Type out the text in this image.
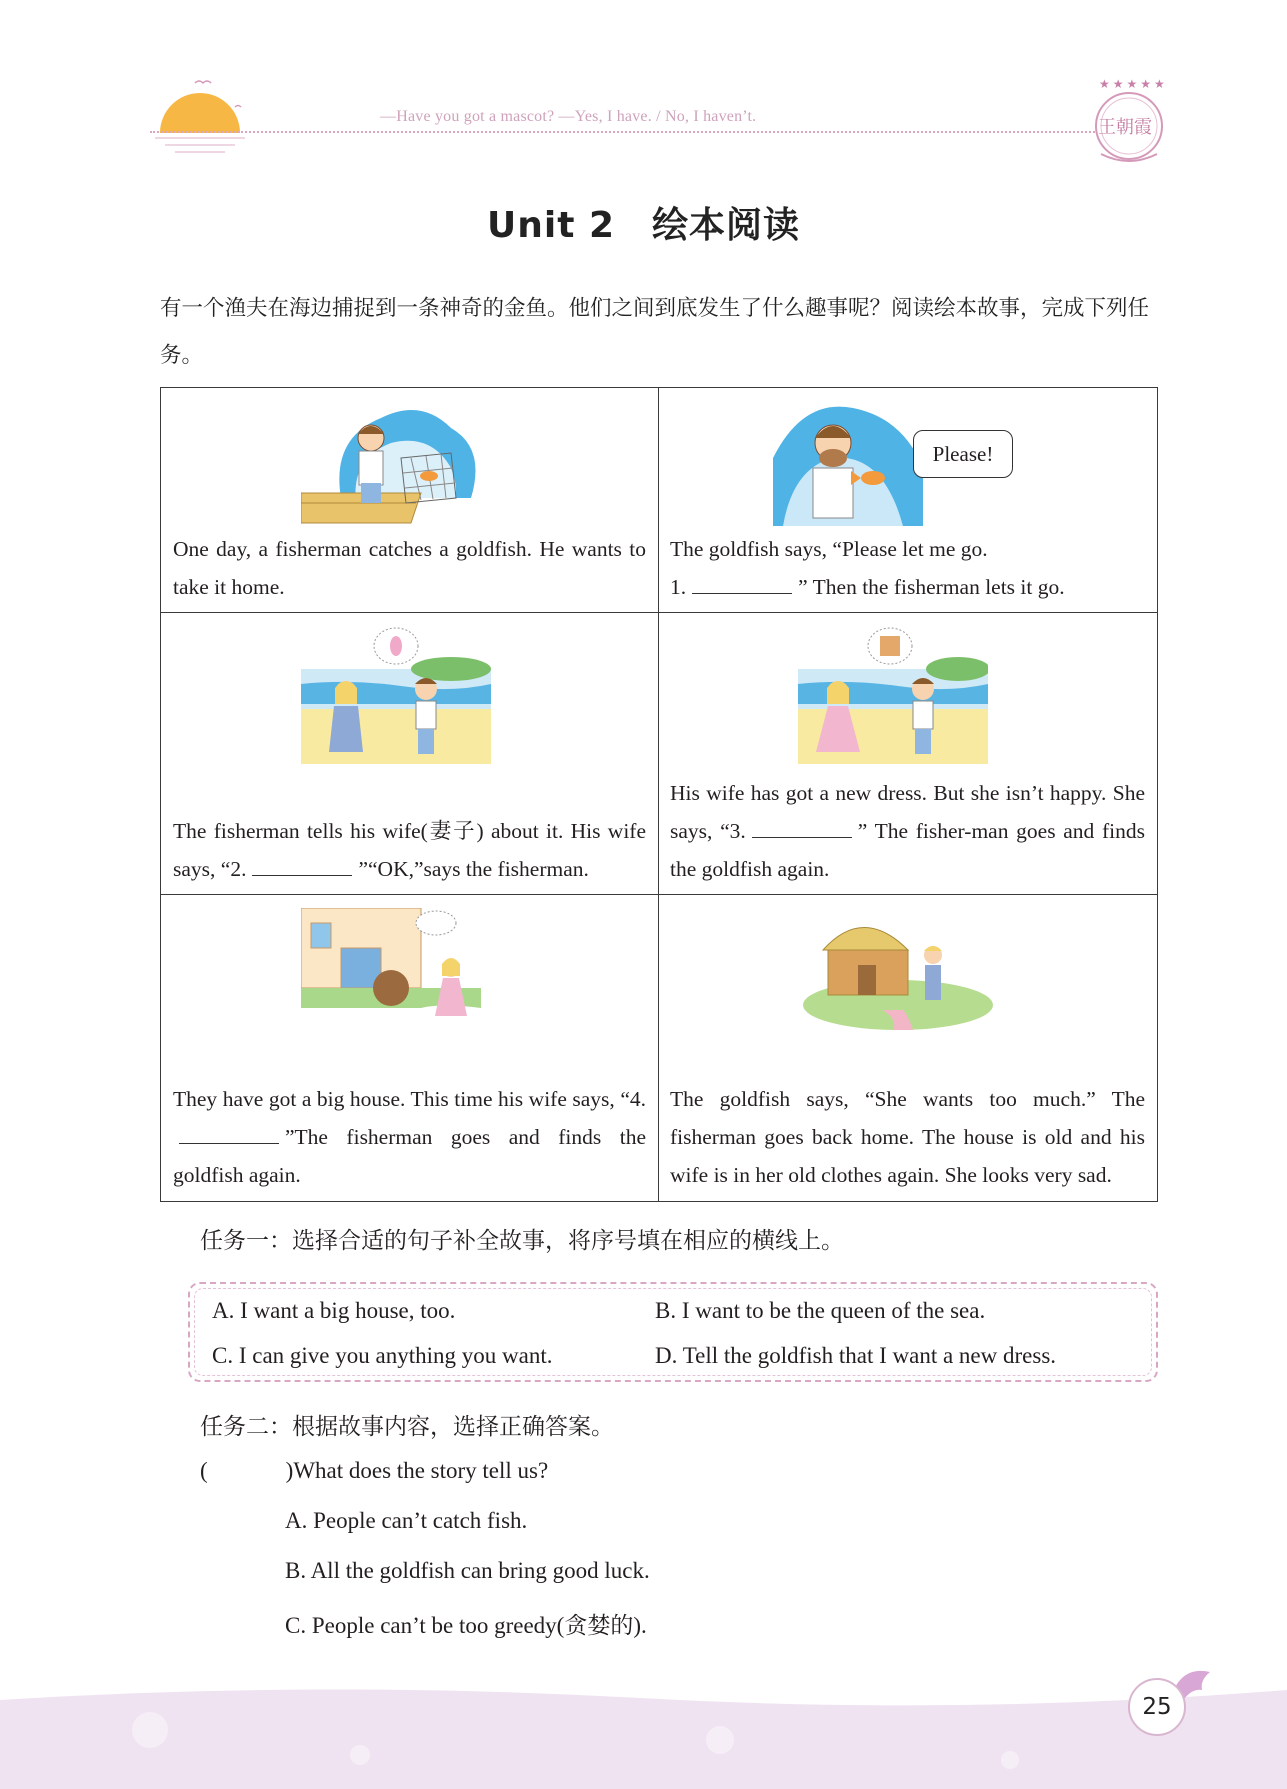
—Have you got a mascot? —Yes, I have. / No, I haven’t.
★ ★ ★ ★ ★
王朝霞
Unit 2　绘本阅读
有一个渔夫在海边捕捉到一条神奇的金鱼。他们之间到底发生了什么趣事呢？阅读绘本故事，完成下列任务。
One day, a fisherman catches a goldfish. He wants to take it home.
Please!
The goldfish says, “Please let me go.
1.	” Then the fisherman lets it go.
The fisherman tells his wife(妻子) about it. His wife says, “2.	”“OK,”says the fisherman.
His wife has got a new dress. But she isn’t happy. She says, “3.	” The fisher-man goes and finds the goldfish again.
They have got a big house. This time his wife says, “4.”The fisherman goes and finds the goldfish again.
The goldfish says, “She wants too much.” The fisherman goes back home. The house is old and his wife is in her old clothes again. She looks very sad.
任务一：选择合适的句子补全故事，将序号填在相应的横线上。
A. I want a big house, too.	B. I want to be the queen of the sea.
C. I can give you anything you want.	D. Tell the goldfish that I want a new dress.
任务二：根据故事内容，选择正确答案。
(	)What does the story tell us?
A. People can’t catch fish.
B. All the goldfish can bring good luck.
C. People can’t be too greedy(贪婪的).
25
